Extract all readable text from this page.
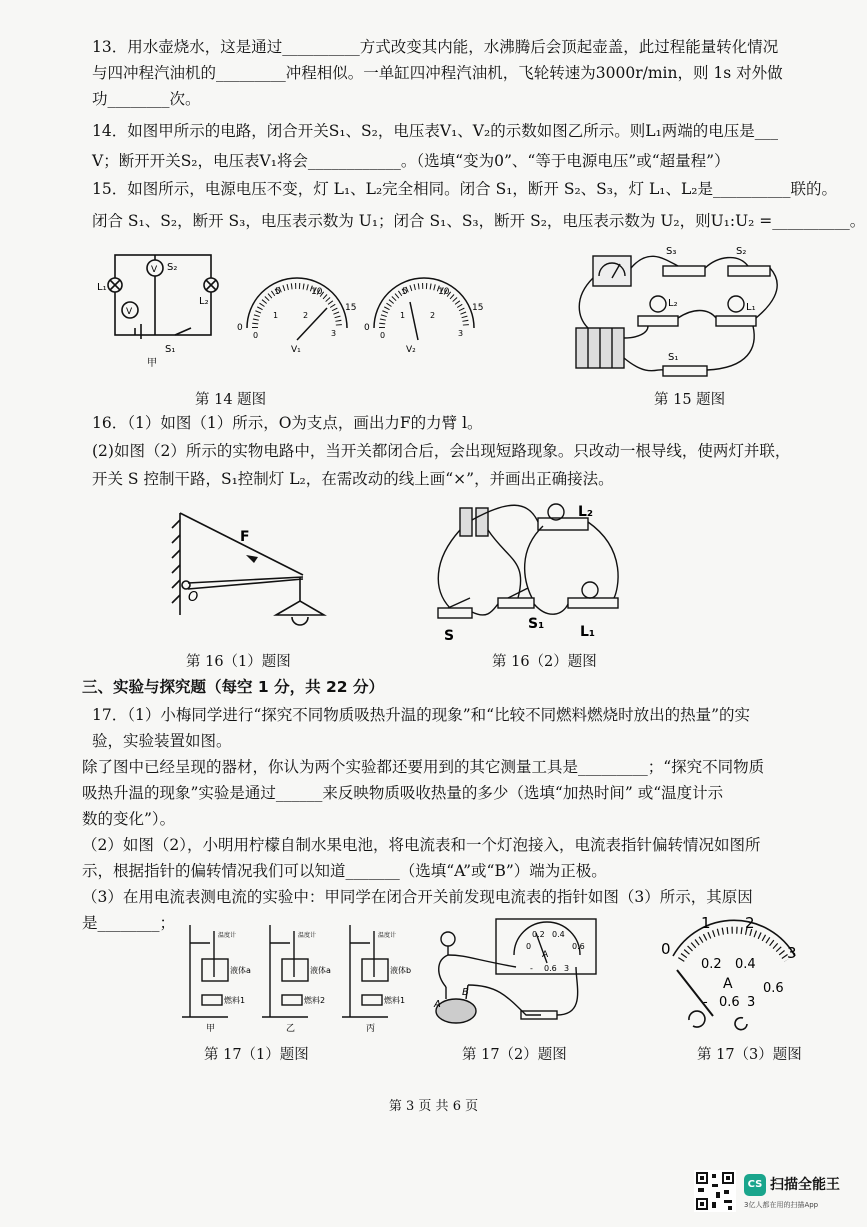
13．用水壶烧水，这是通过__________方式改变其内能，水沸腾后会顶起壶盖，此过程能量转化情况
与四冲程汽油机的_________冲程相似。一单缸四冲程汽油机，飞轮转速为3000r/min，则 1s 对外做
功________次。
14．如图甲所示的电路，闭合开关S₁、S₂，电压表V₁、V₂的示数如图乙所示。则L₁两端的电压是___
V；断开开关S₂，电压表V₁将会____________。（选填“变为0”、“等于电源电压”或“超量程”）
15．如图所示，电源电压不变，灯 L₁、L₂完全相同。闭合 S₁，断开 S₂、S₃，灯 L₁、L₂是__________联的。
闭合 S₁、S₂，断开 S₃，电压表示数为 U₁；闭合 S₁、S₃，断开 S₂，电压表示数为 U₂，则U₁:U₂ =__________。
V
V
L₁
L₂
S₂
S₁
甲
5	10
0
15
0
1	2
3
V₁
5	10
0
15
0
1	2
3
V₂
S₃	S₂
L₂	L₁
S₁
第 14 题图	第 15 题图
16．（1）如图（1）所示，O为支点，画出力F的力臂 l。
(2)如图（2）所示的实物电路中，当开关都闭合后，会出现短路现象。只改动一根导线，使两灯并联，
开关 S 控制干路，S₁控制灯 L₂，在需改动的线上画“×”，并画出正确接法。
F
O
L₂
S
S₁	L₁
第 16（1）题图	第 16（2）题图
三、实验与探究题（每空 1 分，共 22 分）
17．（1）小梅同学进行“探究不同物质吸热升温的现象”和“比较不同燃料燃烧时放出的热量”的实
验，实验装置如图。
除了图中已经呈现的器材，你认为两个实验都还要用到的其它测量工具是_________；“探究不同物质
吸热升温的现象”实验是通过______来反映物质吸收热量的多少（选填“加热时间” 或“温度计示
数的变化”）。
（2）如图（2），小明用柠檬自制水果电池，将电流表和一个灯泡接入，电流表指针偏转情况如图所
示，根据指针的偏转情况我们可以知道_______（选填“A”或“B”）端为正极。
（3）在用电流表测电流的实验中：甲同学在闭合开关前发现电流表的指针如图（3）所示，其原因
是________；
温度计	温度计	温度计
液体a	液体a	液体b
燃料1	燃料2	燃料1
甲	乙	丙
0
0.2 0.4
0.6
A
- 0.6 3
A
B
1 2
0	3
0.2 0.4
0.6
A
- 0.6 3
第 17（1）题图	第 17（2）题图	第 17（3）题图
第 3 页 共 6 页
CS 扫描全能王
3亿人都在用的扫描App
